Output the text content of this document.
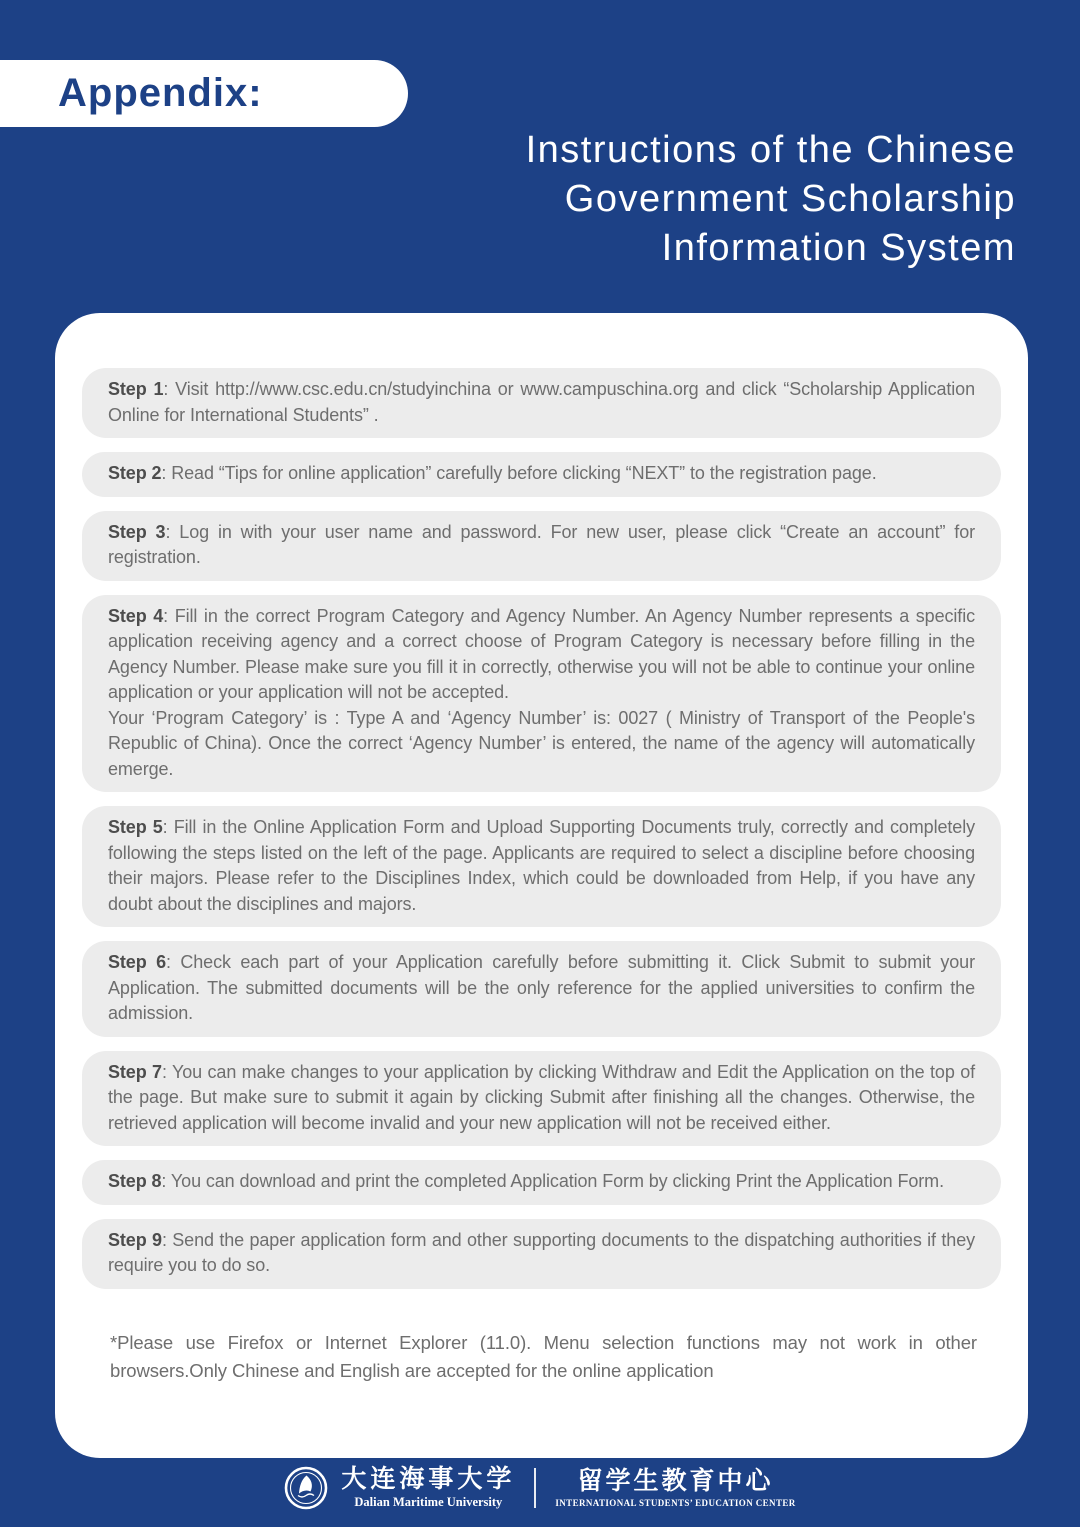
Appendix:
Instructions of the Chinese
Government Scholarship
Information System
Step 1: Visit http://www.csc.edu.cn/studyinchina or www.campuschina.org and click “Scholarship Application Online for International Students” .
Step 2: Read “Tips for online application” carefully before clicking “NEXT” to the registration page.
Step 3: Log in with your user name and password. For new user, please click “Create an account” for registration.
Step 4: Fill in the correct Program Category and Agency Number. An Agency Number represents a specific application receiving agency and a correct choose of Program Category is necessary before filling in the Agency Number. Please make sure you fill it in correctly, otherwise you will not be able to continue your online application or your application will not be accepted.
Your ‘Program Category’ is : Type A and ‘Agency Number’ is: 0027 ( Ministry of Transport of the People's Republic of China). Once the correct ‘Agency Number’ is entered, the name of the agency will automatically emerge.
Step 5: Fill in the Online Application Form and Upload Supporting Documents truly, correctly and completely following the steps listed on the left of the page. Applicants are required to select a discipline before choosing their majors. Please refer to the Disciplines Index, which could be downloaded from Help, if you have any doubt about the disciplines and majors.
Step 6: Check each part of your Application carefully before submitting it. Click Submit to submit your Application. The submitted documents will be the only reference for the applied universities to confirm the admission.
Step 7: You can make changes to your application by clicking Withdraw and Edit the Application on the top of the page. But make sure to submit it again by clicking Submit after finishing all the changes. Otherwise, the retrieved application will become invalid and your new application will not be received either.
Step 8: You can download and print the completed Application Form by clicking Print the Application Form.
Step 9: Send the paper application form and other supporting documents to the dispatching authorities if they require you to do so.
*Please use Firefox or Internet Explorer (11.0). Menu selection functions may not work in other browsers.Only Chinese and English are accepted for the online application
大连海事大学
Dalian Maritime University
留学生教育中心
INTERNATIONAL STUDENTS’ EDUCATION CENTER
